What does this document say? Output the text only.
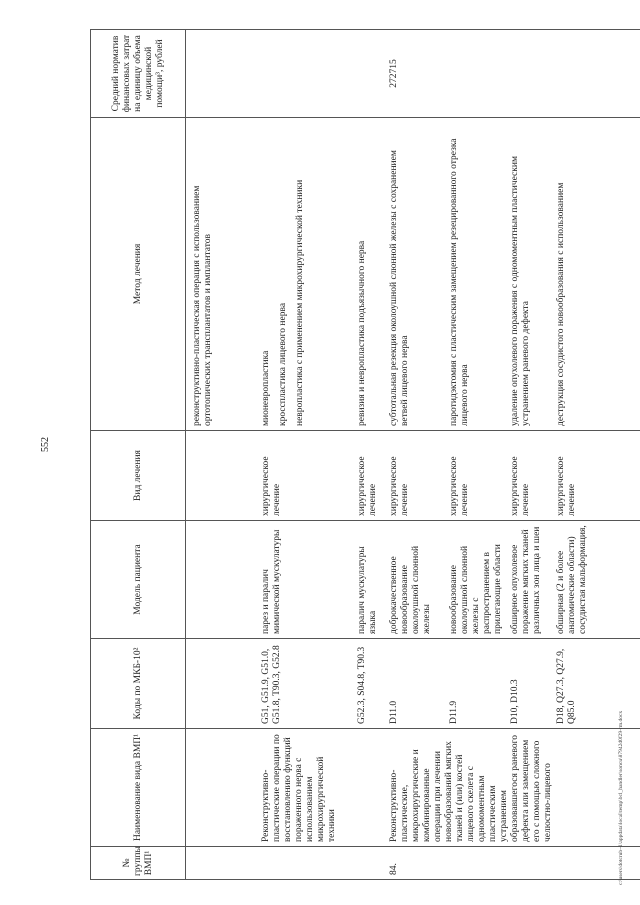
552
№ группы ВМП¹	Наименование вида ВМП¹	Коды по МКБ-10²	Модель пациента	Вид лечения	Метод лечения	Средний норматив финансовых затрат на единицу объема медицинской помощи³, рублей
					реконструктивно-пластическая операция с использованием ортотопических трансплантатов и имплантатов	
	Реконструктивно-пластические операции по восстановлению функций пораженного нерва с использованием микрохирургической техники	G51, G51.9, G51.0, G51.8, T90.3, G52.8	парез и паралич мимической мускулатуры	хирургическое лечение	мионевропластика кросспластика лицевого нерва невропластика с применением микрохирургической техники	

		G52.3, S04.8, T90.3	паралич мускулатуры языка	хирургическое лечение	ревизия и невропластика подъязычного нерва	
84.	Реконструктивно-пластические, микрохирургические и комбинированные операции при лечении новообразований мягких тканей и (или) костей лицевого скелета с одномоментным пластическим устранением образовавшегося раневого дефекта или замещением его с помощью сложного челюстно-лицевого	D11.0	доброкачественное новообразование околоушной слюнной железы	хирургическое лечение	субтотальная резекция околоушной слюнной железы с сохранением ветвей лицевого нерва	272715
		D11.9	новообразование околоушной слюнной железы с распространением в прилегающие области	хирургическое лечение	паротидэктомия с пластическим замещением резецированного отрезка лицевого нерва	
		D10, D10.3	обширное опухолевое поражение мягких тканей различных зон лица и шеи	хирургическое лечение	удаление опухолевого поражения с одномоментным пластическим устранением раневого дефекта	
		D18, Q27.3, Q27.9, Q85.0	обширная (2 и более анатомические области) сосудистая мальформация,	хирургическое лечение	деструкция сосудистого новообразования с использованием	
c:\users\dotcrub~1\appdata\local\temp\bcl_handler\soncu\87942d0f29-rm.docx
